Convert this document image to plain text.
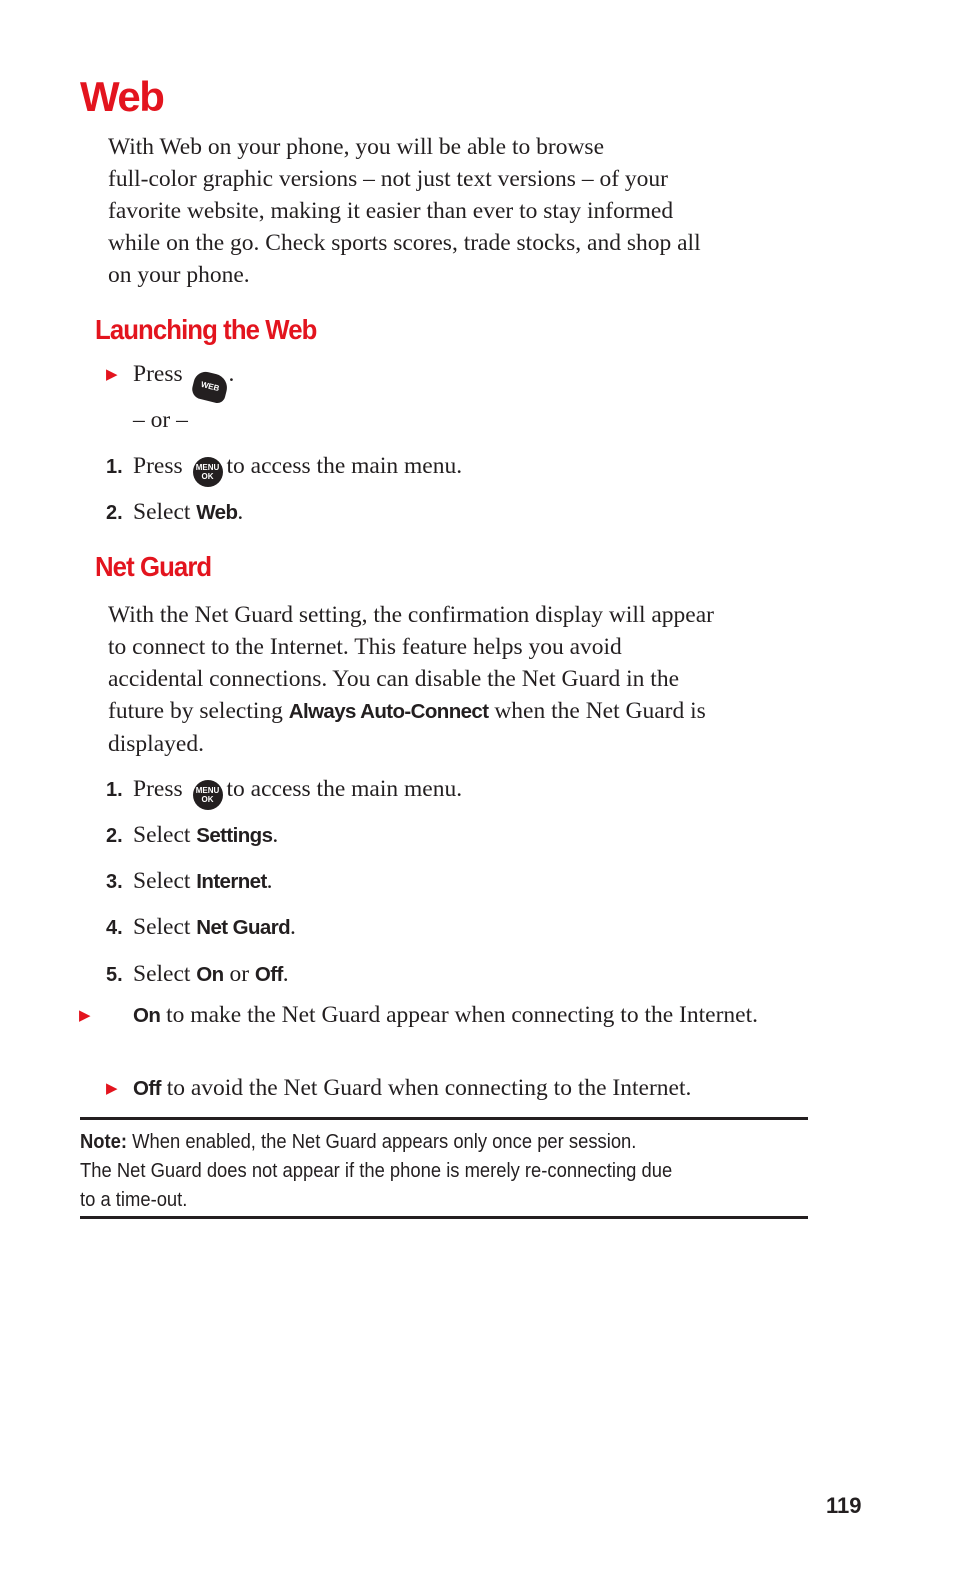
Web

With Web on your phone, you will be able to browse
full-color graphic versions – not just text versions – of your
favorite website, making it easier than ever to stay informed
while on the go. Check sports scores, trade stocks, and shop all
on your phone.

Launching the Web
▶ Press WEB .
– or –
1. Press MENU
OK to access the main menu.
2. Select Web.
Net Guard

With the Net Guard setting, the confirmation display will appear
to connect to the Internet. This feature helps you avoid
accidental connections. You can disable the Net Guard in the
future by selecting Always Auto-Connect when the Net Guard is
displayed.

1. Press MENU
OK to access the main menu.
2. Select Settings.
3. Select Internet.
4. Select Net Guard.
5. Select On or Off.
▶ On to make the Net Guard appear when connecting to the Internet.
▶ Off to avoid the Net Guard when connecting to the Internet.

Note: When enabled, the Net Guard appears only once per session.
The Net Guard does not appear if the phone is merely re-connecting due
to a time-out.

119
